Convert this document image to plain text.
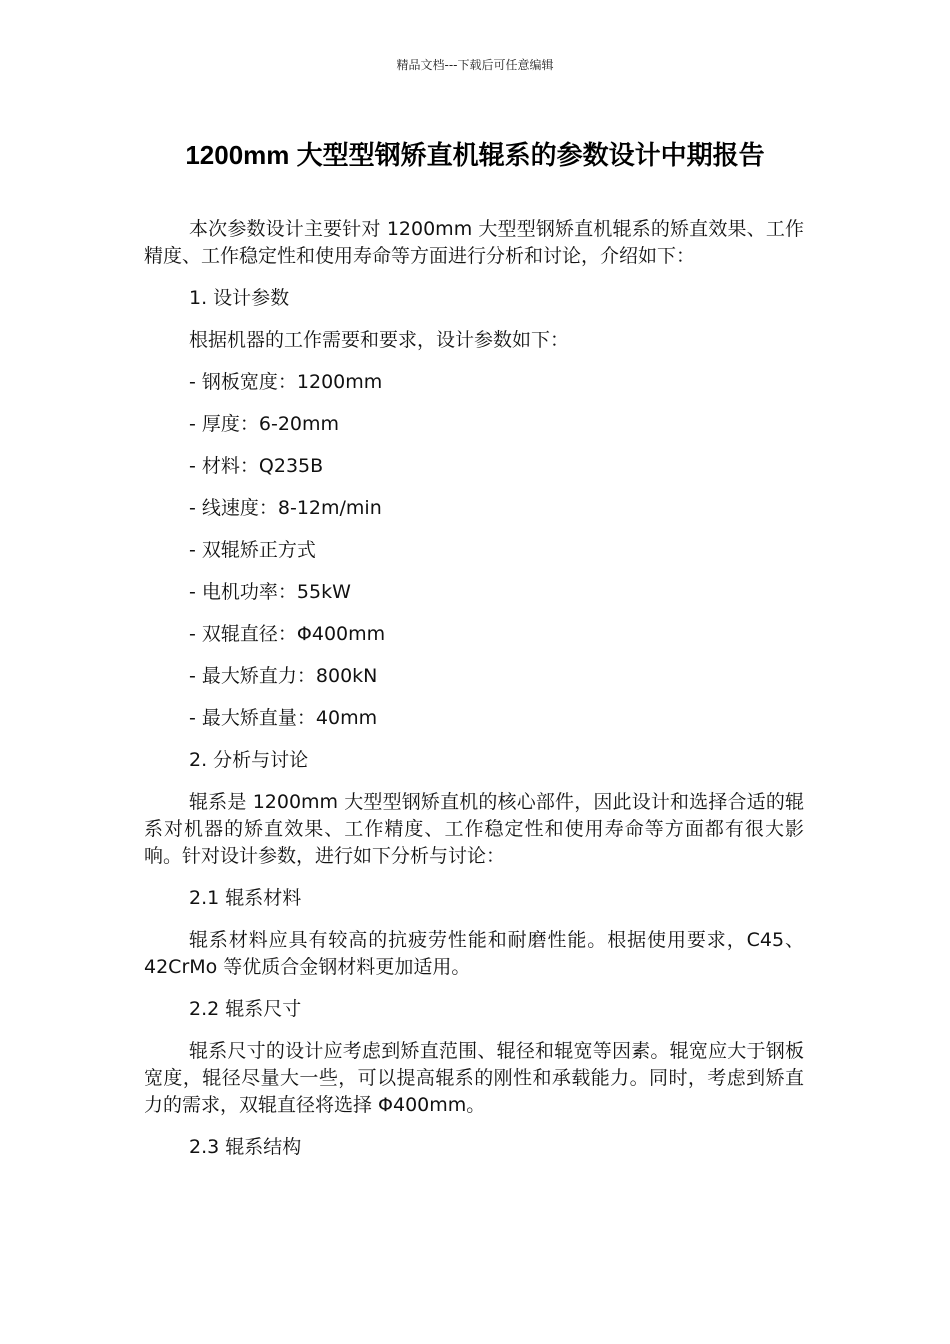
精品文档---下载后可任意编辑
1200mm 大型型钢矫直机辊系的参数设计中期报告

本次参数设计主要针对 1200mm 大型型钢矫直机辊系的矫直效果、工作精度、工作稳定性和使用寿命等方面进行分析和讨论，介绍如下：

1. 设计参数

根据机器的工作需要和要求，设计参数如下：

- 钢板宽度：1200mm

- 厚度：6-20mm

- 材料：Q235B

- 线速度：8-12m/min

- 双辊矫正方式

- 电机功率：55kW

- 双辊直径：Φ400mm

- 最大矫直力：800kN

- 最大矫直量：40mm

2. 分析与讨论

辊系是 1200mm 大型型钢矫直机的核心部件，因此设计和选择合适的辊系对机器的矫直效果、工作精度、工作稳定性和使用寿命等方面都有很大影响。针对设计参数，进行如下分析与讨论：

2.1 辊系材料

辊系材料应具有较高的抗疲劳性能和耐磨性能。根据使用要求，C45、42CrMo 等优质合金钢材料更加适用。

2.2 辊系尺寸

辊系尺寸的设计应考虑到矫直范围、辊径和辊宽等因素。辊宽应大于钢板宽度，辊径尽量大一些，可以提高辊系的刚性和承载能力。同时，考虑到矫直力的需求，双辊直径将选择 Φ400mm。

2.3 辊系结构
